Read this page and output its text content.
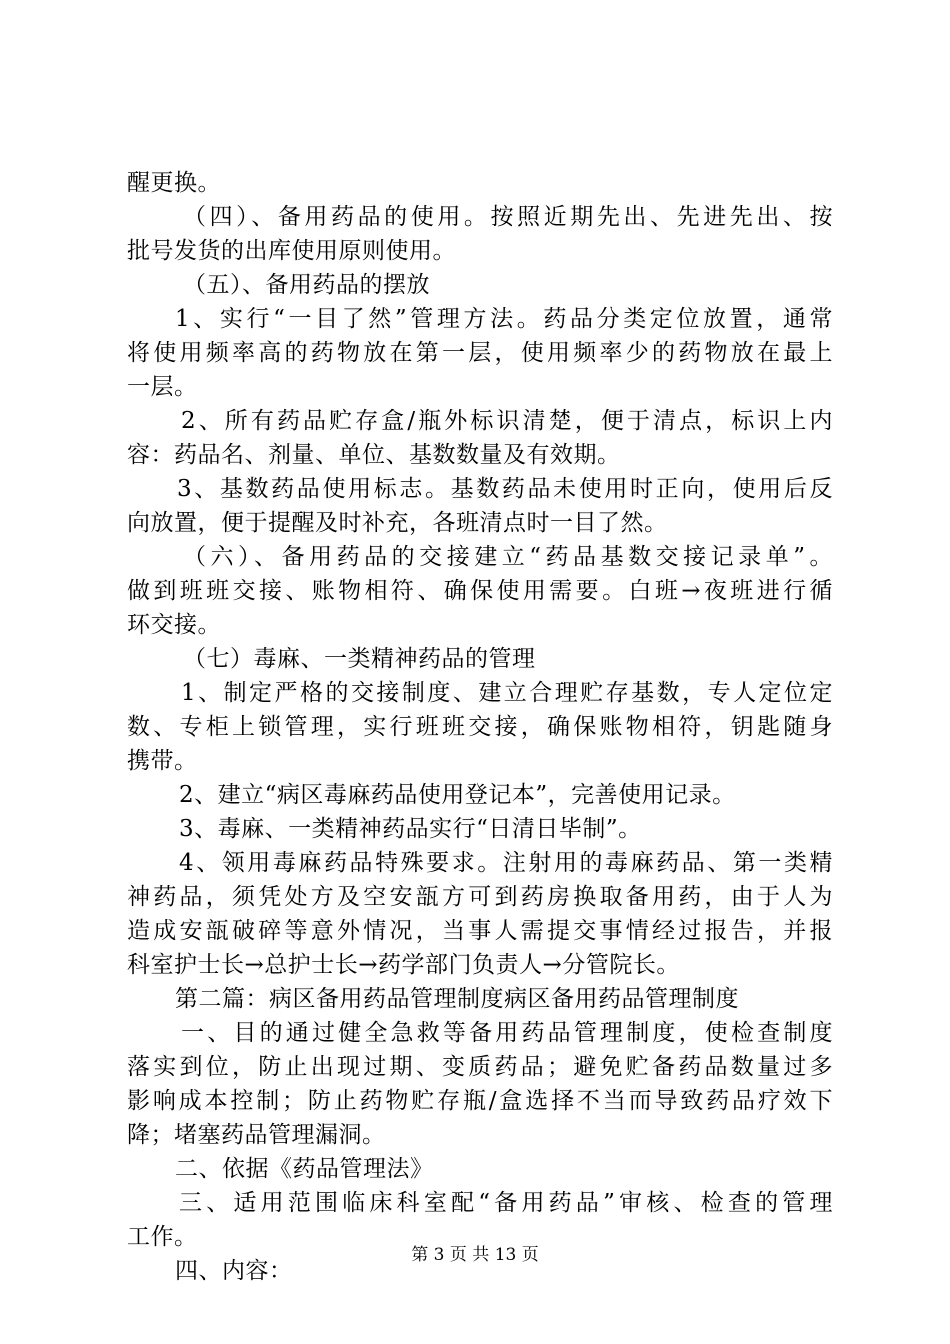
醒更换。
（四）、备用药品的使用。按照近期先出、先进先出、按
批号发货的出库使用原则使用。
（五）、备用药品的摆放
1、实行“一目了然”管理方法。药品分类定位放置，通常
将使用频率高的药物放在第一层，使用频率少的药物放在最上
一层。
2、所有药品贮存盒/瓶外标识清楚，便于清点，标识上内
容：药品名、剂量、单位、基数数量及有效期。
3、基数药品使用标志。基数药品未使用时正向，使用后反
向放置，便于提醒及时补充，各班清点时一目了然。
（六）、备用药品的交接建立“药品基数交接记录单”。
做到班班交接、账物相符、确保使用需要。白班→夜班进行循
环交接。
（七）毒麻、一类精神药品的管理
1、制定严格的交接制度、建立合理贮存基数，专人定位定
数、专柜上锁管理，实行班班交接，确保账物相符，钥匙随身
携带。
2、建立“病区毒麻药品使用登记本”，完善使用记录。
3、毒麻、一类精神药品实行“日清日毕制”。
4、领用毒麻药品特殊要求。注射用的毒麻药品、第一类精
神药品，须凭处方及空安瓿方可到药房换取备用药，由于人为
造成安瓿破碎等意外情况，当事人需提交事情经过报告，并报
科室护士长→总护士长→药学部门负责人→分管院长。
第二篇：病区备用药品管理制度病区备用药品管理制度
一、目的通过健全急救等备用药品管理制度，使检查制度
落实到位，防止出现过期、变质药品；避免贮备药品数量过多
影响成本控制；防止药物贮存瓶/盒选择不当而导致药品疗效下
降；堵塞药品管理漏洞。
二、依据《药品管理法》
三、适用范围临床科室配“备用药品”审核、检查的管理
工作。
四、内容：
第 3 页 共 13 页
